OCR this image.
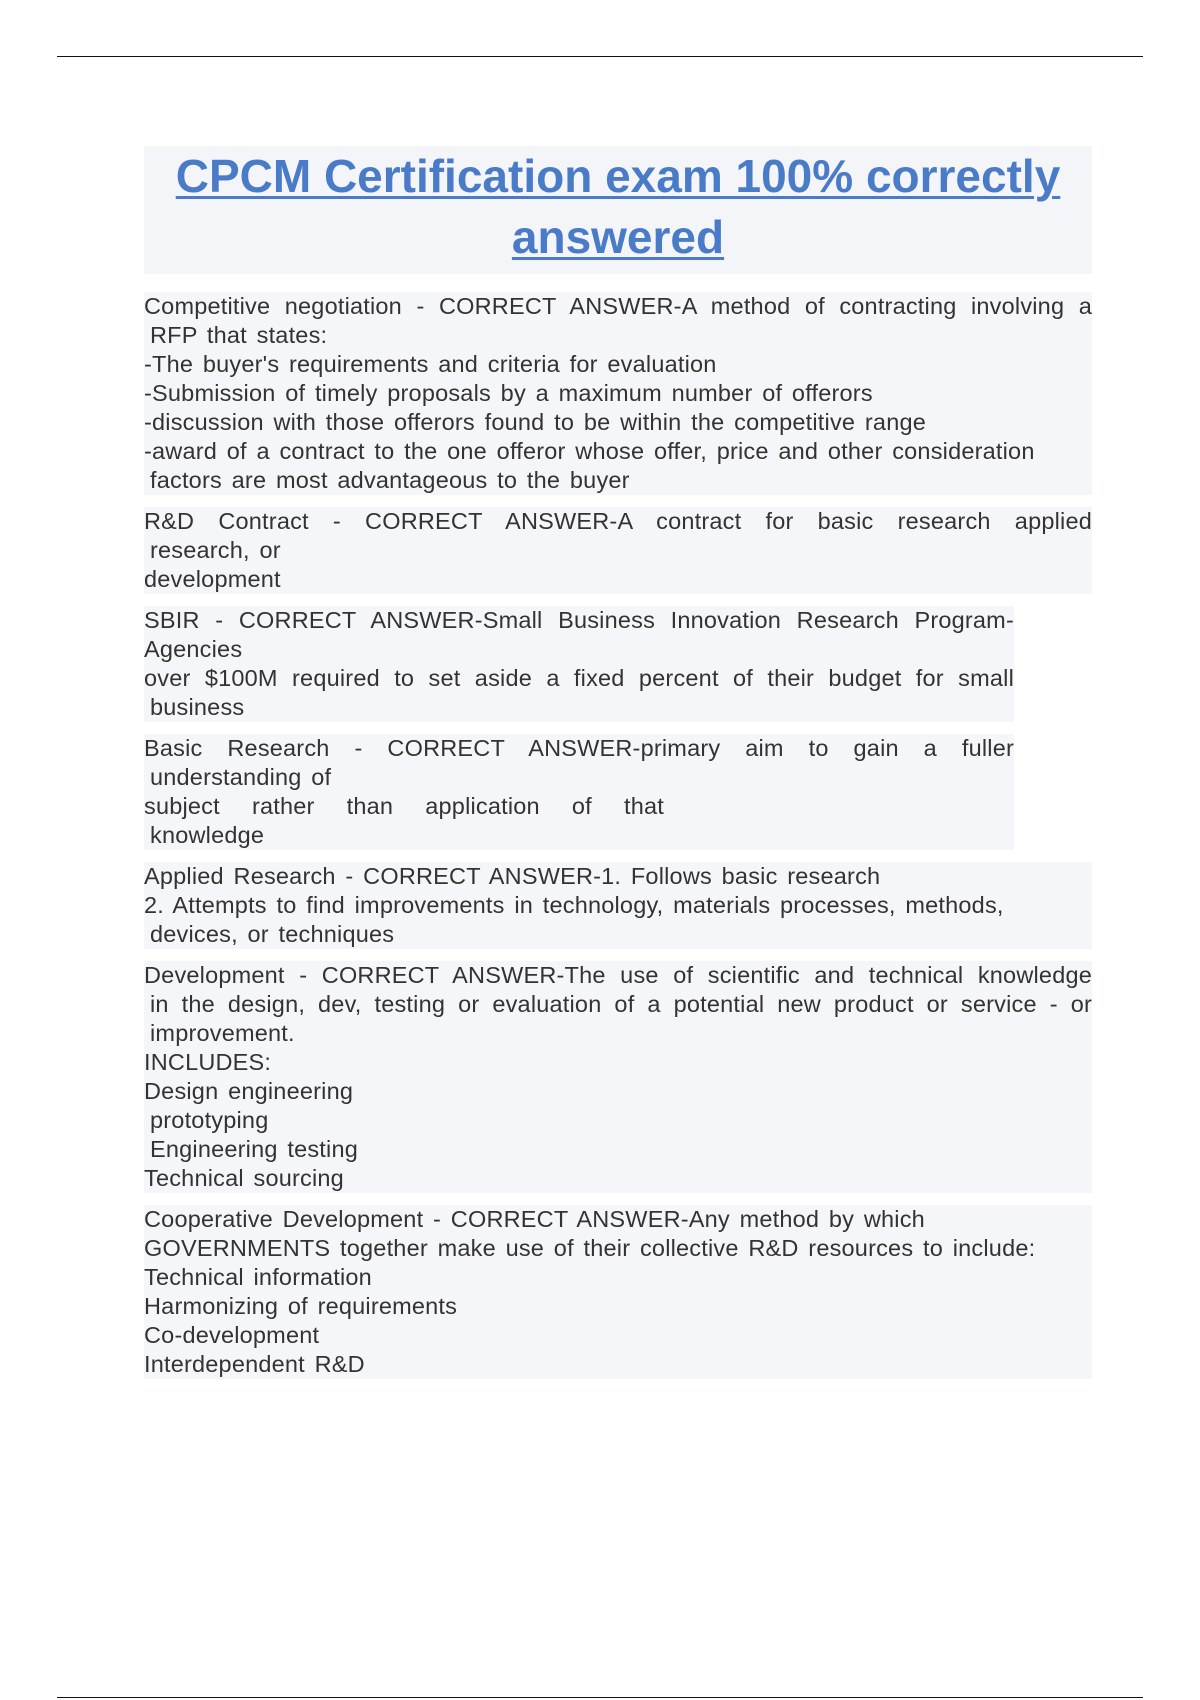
CPCM Certification exam 100% correctly answered
Competitive negotiation - CORRECT ANSWER-A method of contracting involving a
RFP that states:
-The buyer's requirements and criteria for evaluation
-Submission of timely proposals by a maximum number of offerors
-discussion with those offerors found to be within the competitive range
-award of a contract to the one offeror whose offer, price and other consideration
factors are most advantageous to the buyer
R&D Contract - CORRECT ANSWER-A contract for basic research applied
research, or
development
SBIR - CORRECT ANSWER-Small Business Innovation Research Program-
Agencies
over $100M required to set aside a fixed percent of their budget for small
business
Basic Research - CORRECT ANSWER-primary aim to gain a fuller
understanding of
subject rather than application of that
knowledge
Applied Research - CORRECT ANSWER-1. Follows basic research
2. Attempts to find improvements in technology, materials processes, methods,
devices, or techniques
Development - CORRECT ANSWER-The use of scientific and technical knowledge
in the design, dev, testing or evaluation of a potential new product or service - or
improvement.
INCLUDES:
Design engineering
prototyping
Engineering testing
Technical sourcing
Cooperative Development - CORRECT ANSWER-Any method by which
GOVERNMENTS together make use of their collective R&D resources to include:
Technical information
Harmonizing of requirements
Co-development
Interdependent R&D
